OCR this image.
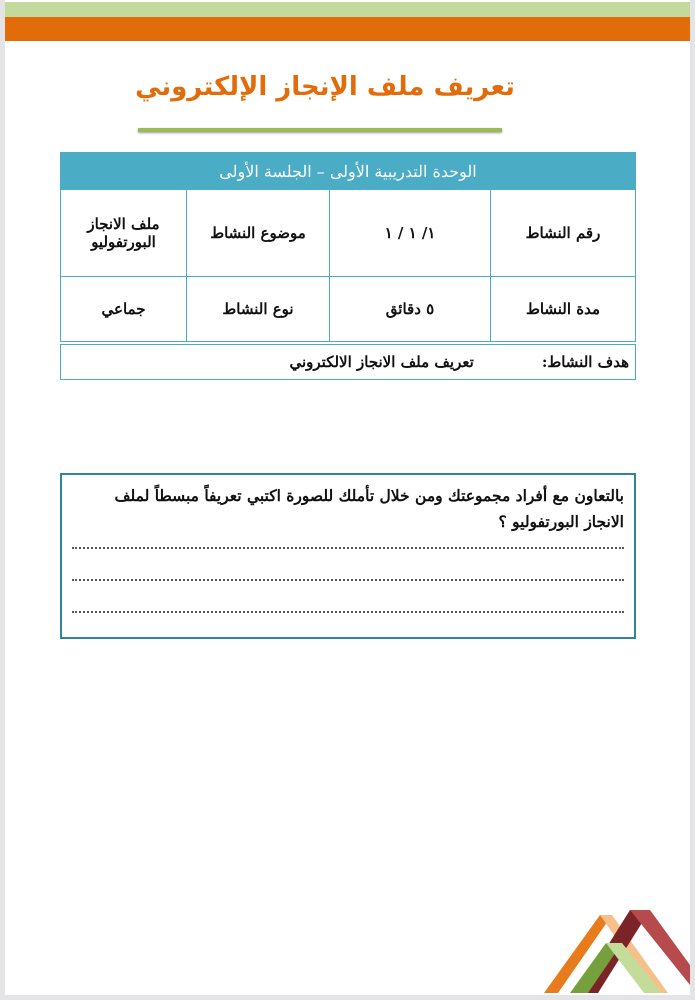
تعريف ملف الإنجاز الإلكتروني
الوحدة التدريبية الأولى – الجلسة الأولى			
رقم النشاط	١/ ١ / ١	موضوع النشاط	ملف الانجاز البورتفوليو
مدة النشاط	٥ دقائق	نوع النشاط	جماعي
هدف النشاط: تعريف ملف الانجاز الالكتروني			

بالتعاون مع أفراد مجموعتك ومن خلال تأملك للصورة اكتبي تعريفاً مبسطاً لملف الانجاز البورتفوليو ؟
